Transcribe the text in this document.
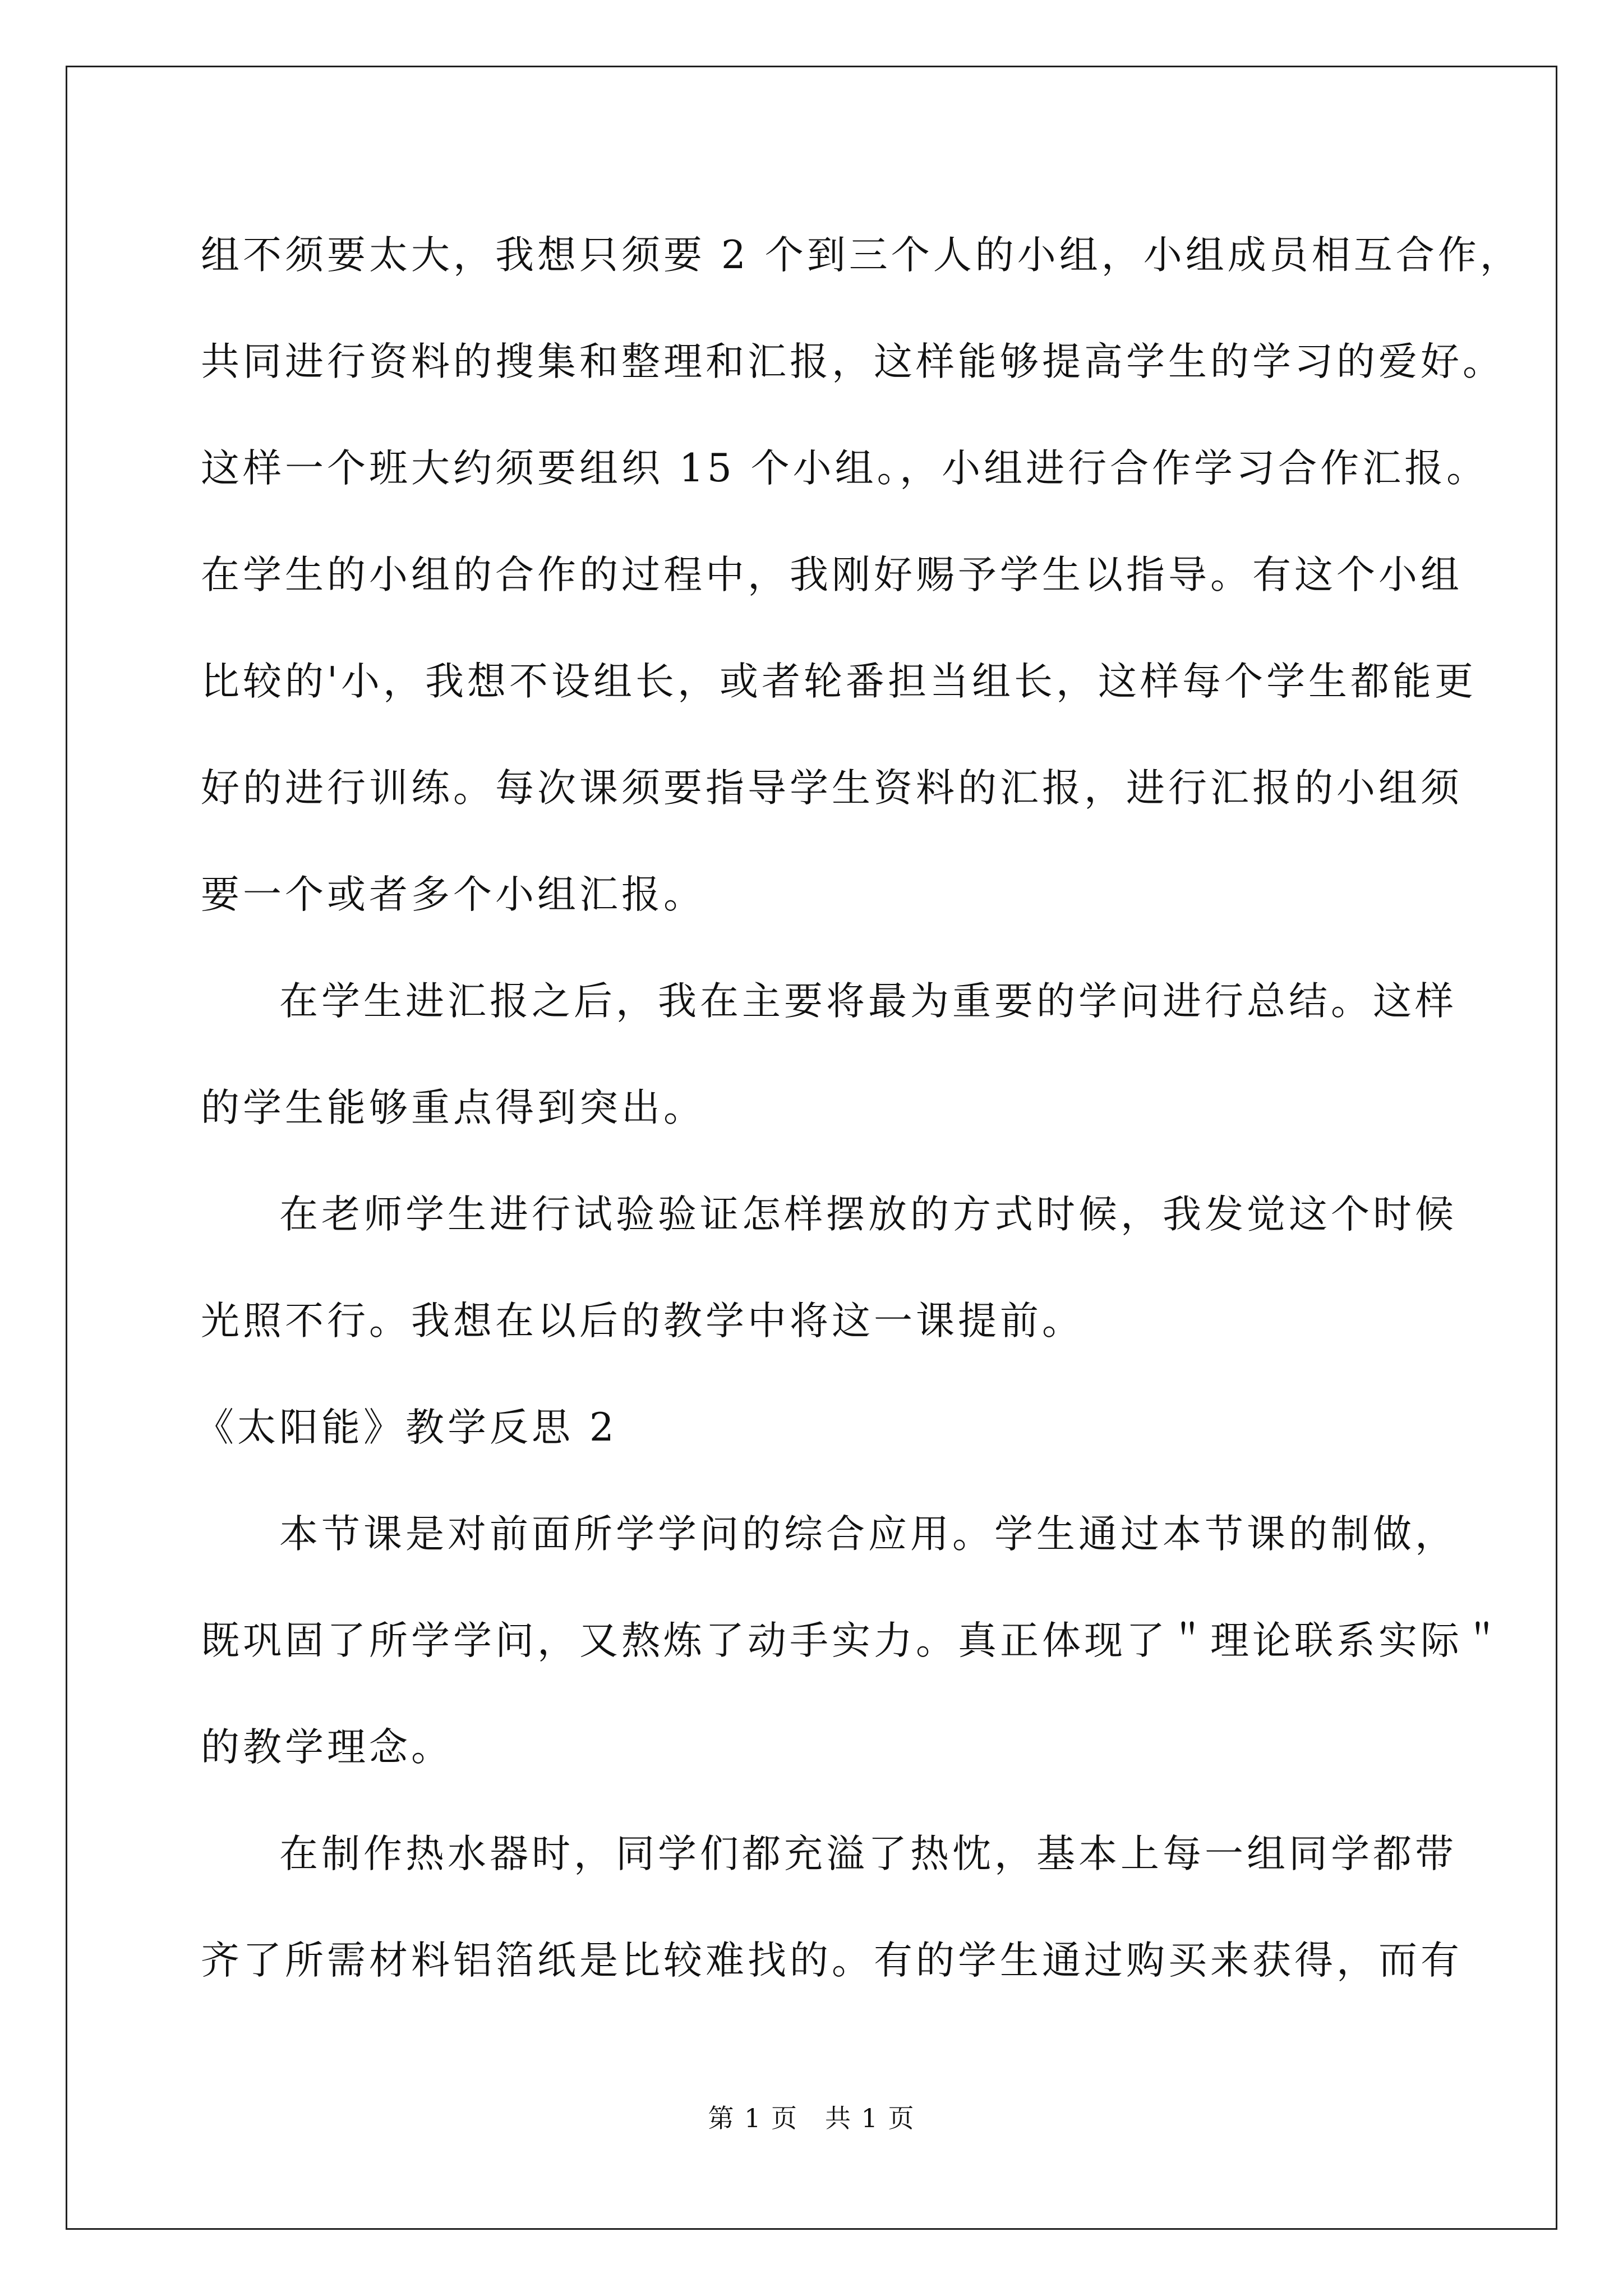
组不须要太大，我想只须要 2 个到三个人的小组，小组成员相互合作，
共同进行资料的搜集和整理和汇报，这样能够提高学生的学习的爱好。
这样一个班大约须要组织 15 个小组。，小组进行合作学习合作汇报。
在学生的小组的合作的过程中，我刚好赐予学生以指导。有这个小组
比较的'小，我想不设组长，或者轮番担当组长，这样每个学生都能更
好的进行训练。每次课须要指导学生资料的汇报，进行汇报的小组须
要一个或者多个小组汇报。
在学生进汇报之后，我在主要将最为重要的学问进行总结。这样
的学生能够重点得到突出。
在老师学生进行试验验证怎样摆放的方式时候，我发觉这个时候
光照不行。我想在以后的教学中将这一课提前。
《太阳能》教学反思 2
本节课是对前面所学学问的综合应用。学生通过本节课的制做，
既巩固了所学学问，又熬炼了动手实力。真正体现了＂理论联系实际＂
的教学理念。
在制作热水器时，同学们都充溢了热忱，基本上每一组同学都带
齐了所需材料铝箔纸是比较难找的。有的学生通过购买来获得，而有
第 1 页　共 1 页
